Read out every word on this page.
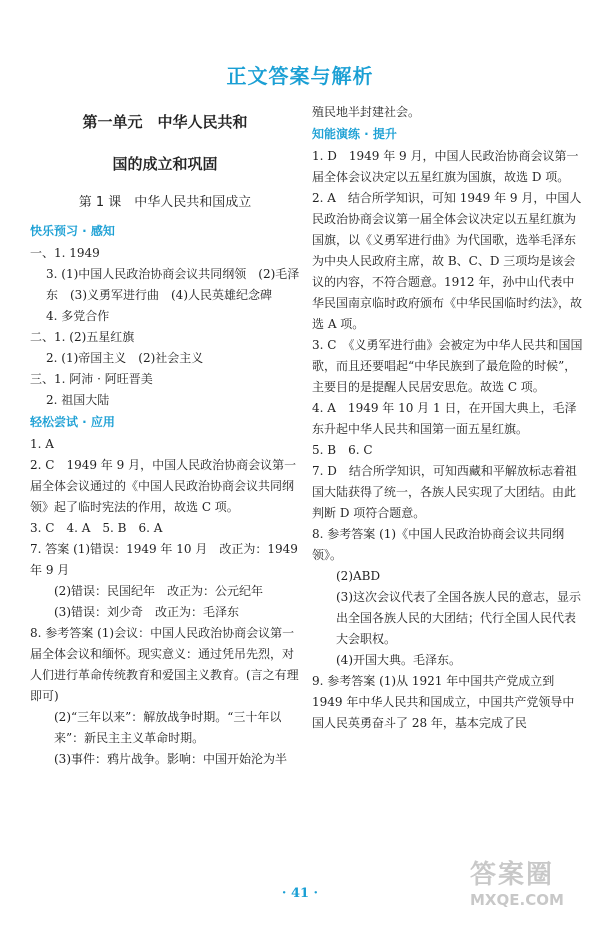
正文答案与解析

第一单元　中华人民共和

国的成立和巩固

第 1 课　中华人民共和国成立

快乐预习 · 感知

一、1. 1949

3. (1)中国人民政治协商会议共同纲领　(2)毛泽东　(3)义勇军进行曲　(4)人民英雄纪念碑

4. 多党合作

二、1. (2)五星红旗

2. (1)帝国主义　(2)社会主义

三、1. 阿沛 · 阿旺晋美

2. 祖国大陆

轻松尝试 · 应用

1. A

2. C　1949 年 9 月，中国人民政治协商会议第一届全体会议通过的《中国人民政治协商会议共同纲领》起了临时宪法的作用，故选 C 项。

3. C　4. A　5. B　6. A

7. 答案 (1)错误：1949 年 10 月　改正为：1949 年 9 月

(2)错误：民国纪年　改正为：公元纪年

(3)错误：刘少奇　改正为：毛泽东

8. 参考答案 (1)会议：中国人民政治协商会议第一届全体会议和缅怀。现实意义：通过凭吊先烈，对人们进行革命传统教育和爱国主义教育。(言之有理即可)

(2)“三年以来”：解放战争时期。“三十年以来”：新民主主义革命时期。

(3)事件：鸦片战争。影响：中国开始沦为半

殖民地半封建社会。

知能演练 · 提升

1. D　1949 年 9 月，中国人民政治协商会议第一届全体会议决定以五星红旗为国旗，故选 D 项。

2. A　结合所学知识，可知 1949 年 9 月，中国人民政治协商会议第一届全体会议决定以五星红旗为国旗，以《义勇军进行曲》为代国歌，选举毛泽东为中央人民政府主席，故 B、C、D 三项均是该会议的内容，不符合题意。1912 年，孙中山代表中华民国南京临时政府颁布《中华民国临时约法》，故选 A 项。

3. C　《义勇军进行曲》会被定为中华人民共和国国歌，而且还要唱起“中华民族到了最危险的时候”，主要目的是提醒人民居安思危。故选 C 项。

4. A　1949 年 10 月 1 日，在开国大典上，毛泽东升起中华人民共和国第一面五星红旗。

5. B　6. C

7. D　结合所学知识，可知西藏和平解放标志着祖国大陆获得了统一，各族人民实现了大团结。由此判断 D 项符合题意。

8. 参考答案 (1)《中国人民政治协商会议共同纲领》。

(2)ABD

(3)这次会议代表了全国各族人民的意志，显示出全国各族人民的大团结；代行全国人民代表大会职权。

(4)开国大典。毛泽东。

9. 参考答案 (1)从 1921 年中国共产党成立到 1949 年中华人民共和国成立，中国共产党领导中国人民英勇奋斗了 28 年，基本完成了民

· 41 ·
答案圈
MXQE.COM
